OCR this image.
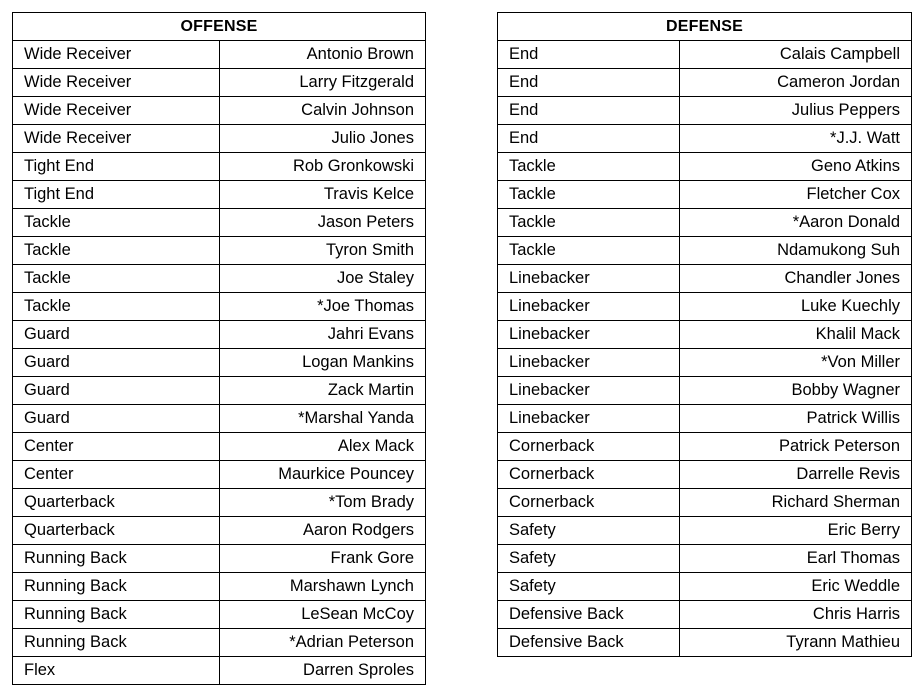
OFFENSE	
Wide Receiver	Antonio Brown
Wide Receiver	Larry Fitzgerald
Wide Receiver	Calvin Johnson
Wide Receiver	Julio Jones
Tight End	Rob Gronkowski
Tight End	Travis Kelce
Tackle	Jason Peters
Tackle	Tyron Smith
Tackle	Joe Staley
Tackle	*Joe Thomas
Guard	Jahri Evans
Guard	Logan Mankins
Guard	Zack Martin
Guard	*Marshal Yanda
Center	Alex Mack
Center	Maurkice Pouncey
Quarterback	*Tom Brady
Quarterback	Aaron Rodgers
Running Back	Frank Gore
Running Back	Marshawn Lynch
Running Back	LeSean McCoy
Running Back	*Adrian Peterson
Flex	Darren Sproles
DEFENSE	
End	Calais Campbell
End	Cameron Jordan
End	Julius Peppers
End	*J.J. Watt
Tackle	Geno Atkins
Tackle	Fletcher Cox
Tackle	*Aaron Donald
Tackle	Ndamukong Suh
Linebacker	Chandler Jones
Linebacker	Luke Kuechly
Linebacker	Khalil Mack
Linebacker	*Von Miller
Linebacker	Bobby Wagner
Linebacker	Patrick Willis
Cornerback	Patrick Peterson
Cornerback	Darrelle Revis
Cornerback	Richard Sherman
Safety	Eric Berry
Safety	Earl Thomas
Safety	Eric Weddle
Defensive Back	Chris Harris
Defensive Back	Tyrann Mathieu
